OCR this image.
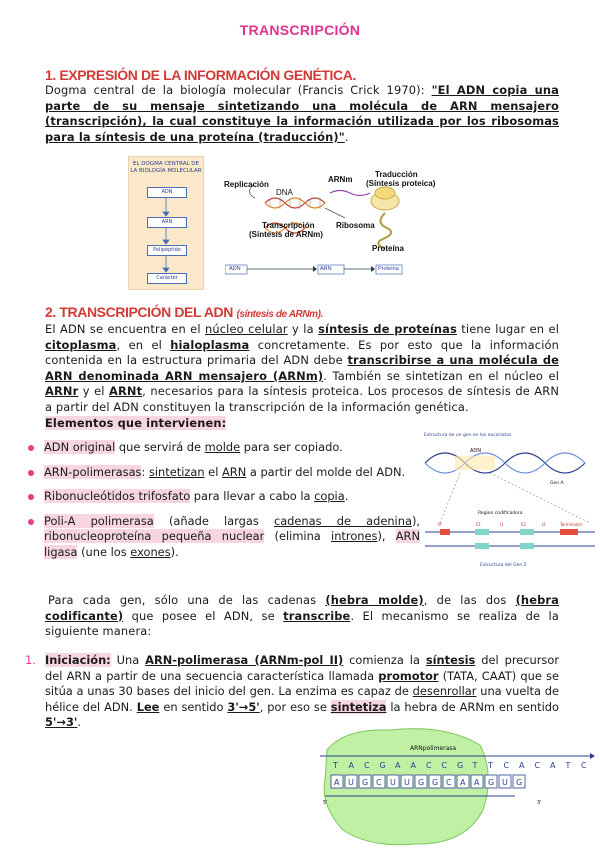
TRANSCRIPCIÓN
1. EXPRESIÓN DE LA INFORMACIÓN GENÉTICA.

Dogma central de la biología molecular (Francis Crick 1970): "El ADN copia una parte de su mensaje sintetizando una molécula de ARN mensajero (transcripción), la cual constituye la información utilizada por los ribosomas para la síntesis de una proteína (traducción)".

EL DOGMA CENTRAL DE LA BIOLOGÍA MOLECULAR
ADN
ARN
Polipéptido
Carácter
Replicación
DNA
ARNm
Traducción
(Síntesis proteica)
Transcripción
(Síntesis de ARNm)
Ribosoma
Proteína
ADN	ARN	Proteína
2. TRANSCRIPCIÓN DEL ADN (síntesis de ARNm).

El ADN se encuentra en el núcleo celular y la síntesis de proteínas tiene lugar en el citoplasma, en el hialoplasma concretamente. Es por esto que la información contenida en la estructura primaria del ADN debe transcribirse a una molécula de ARN denominada ARN mensajero (ARNm). También se sintetizan en el núcleo el ARNr y el ARNt, necesarios para la síntesis proteica. Los procesos de síntesis de ARN a partir del ADN constituyen la transcripción de la información genética.

Elementos que intervienen:

ADN original que servirá de molde para ser copiado.
ARN-polimerasas: sintetizan el ARN a partir del molde del ADN.
Ribonucleótidos trifosfato para llevar a cabo la copia.
Poli-A polimerasa (añade largas cadenas de adenina), ribonucleoproteína pequeña nuclear (elimina intrones), ARN ligasa (une los exones).
Estructura de un gen en los eucariotas
ADN
Gen A
Region codificadora
PI	E1	I1	E2	I2	Terminador
Estructura del Gen 2

Para cada gen, sólo una de las cadenas (hebra molde), de las dos (hebra codificante) que posee el ADN, se transcribe. El mecanismo se realiza de la siguiente manera:

1. Iniciación: Una ARN-polimerasa (ARNm-pol II) comienza la síntesis del precursor del ARN a partir de una secuencia característica llamada promotor (TATA, CAAT) que se sitúa a unas 30 bases del inicio del gen. La enzima es capaz de desenrollar una vuelta de hélice del ADN. Lee en sentido 3'→5', por eso se sintetiza la hebra de ARNm en sentido 5'→3'.
ARNpolimerasa
T A C G A A C C G T T C A C A T C
A U G C U U G G C A A G U G
5'	3'
